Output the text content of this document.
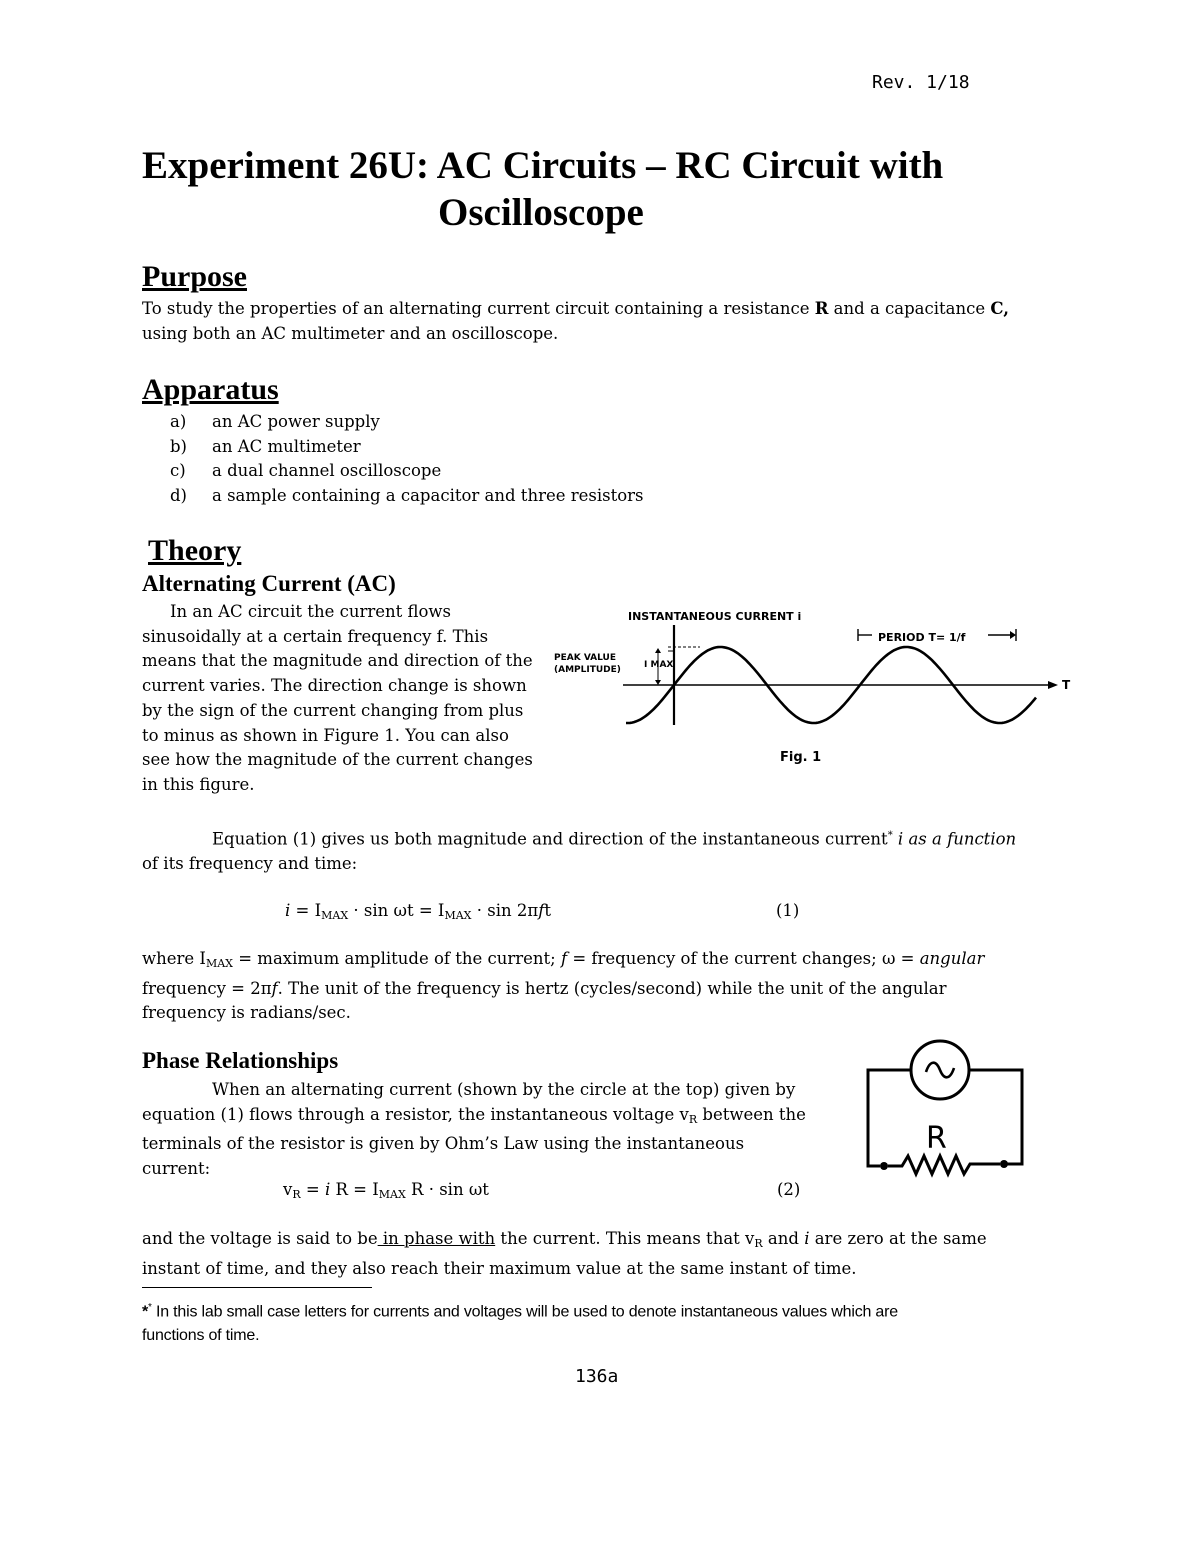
Rev. 1/18
Experiment 26U: AC Circuits – RC Circuit with
Oscilloscope
Purpose
To study the properties of an alternating current circuit containing a resistance R and a capacitance C,
using both an AC multimeter and an oscilloscope.
Apparatus
a)	an AC power supply
b)	an AC multimeter
c)	a dual channel oscilloscope
d)	a sample containing a capacitor and three resistors
Theory
Alternating Current (AC)
In an AC circuit the current flows
sinusoidally at a certain frequency f. This
means that the magnitude and direction of the
current varies. The direction change is shown
by the sign of the current changing from plus
to minus as shown in Figure 1. You can also
see how the magnitude of the current changes
in this figure.
INSTANTANEOUS CURRENT i
T
PEAK VALUE
(AMPLITUDE)	I MAX
PERIOD T= 1/f
Fig. 1
Equation (1) gives us both magnitude and direction of the instantaneous current* i as a function
of its frequency and time:
$i = I_{MAX} \cdot \sin \omega t = I_{MAX} \cdot \sin 2\pi ft$	(1)
where $I_{MAX}$ = maximum amplitude of the current; f = frequency of the current changes; ω = angular
frequency = 2πf. The unit of the frequency is hertz (cycles/second) while the unit of the angular
frequency is radians/sec.
Phase Relationships
When an alternating current (shown by the circle at the top) given by
equation (1) flows through a resistor, the instantaneous voltage $v_R$ between the
terminals of the resistor is given by Ohm’s Law using the instantaneous
current:
$v_R = i$ $R = I_{MAX}$ R · sin ωt	(2)
R
and the voltage is said to be in phase with the current. This means that $v_R$ and i are zero at the same
instant of time, and they also reach their maximum value at the same instant of time.
** In this lab small case letters for currents and voltages will be used to denote instantaneous values which are
functions of time.
136a
